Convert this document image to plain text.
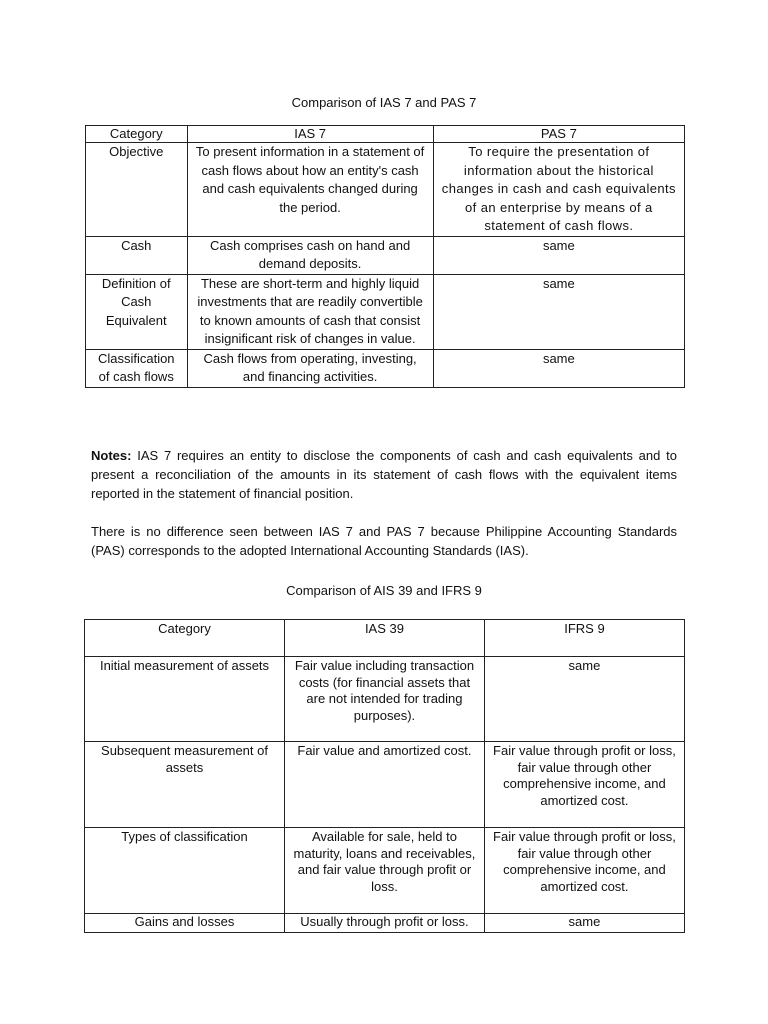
Comparison of IAS 7 and PAS 7
Category	IAS 7	PAS 7
Objective	To present information in a statement of cash flows about how an entity's cash and cash equivalents changed during the period.	To require the presentation of information about the historical changes in cash and cash equivalents of an enterprise by means of a statement of cash flows.
Cash	Cash comprises cash on hand and demand deposits.	same
Definition of Cash Equivalent	These are short-term and highly liquid investments that are readily convertible to known amounts of cash that consist insignificant risk of changes in value.	same
Classification of cash flows	Cash flows from operating, investing, and financing activities.	same

Notes: IAS 7 requires an entity to disclose the components of cash and cash equivalents and to present a reconciliation of the amounts in its statement of cash flows with the equivalent items reported in the statement of financial position.

There is no difference seen between IAS 7 and PAS 7 because Philippine Accounting Standards (PAS) corresponds to the adopted International Accounting Standards (IAS).

Comparison of AIS 39 and IFRS 9
Category	IAS 39	IFRS 9
Initial measurement of assets	Fair value including transaction costs (for financial assets that are not intended for trading purposes).	same
Subsequent measurement of assets	Fair value and amortized cost.	Fair value through profit or loss, fair value through other comprehensive income, and amortized cost.
Types of classification	Available for sale, held to maturity, loans and receivables, and fair value through profit or loss.	Fair value through profit or loss, fair value through other comprehensive income, and amortized cost.
Gains and losses	Usually through profit or loss.	same
